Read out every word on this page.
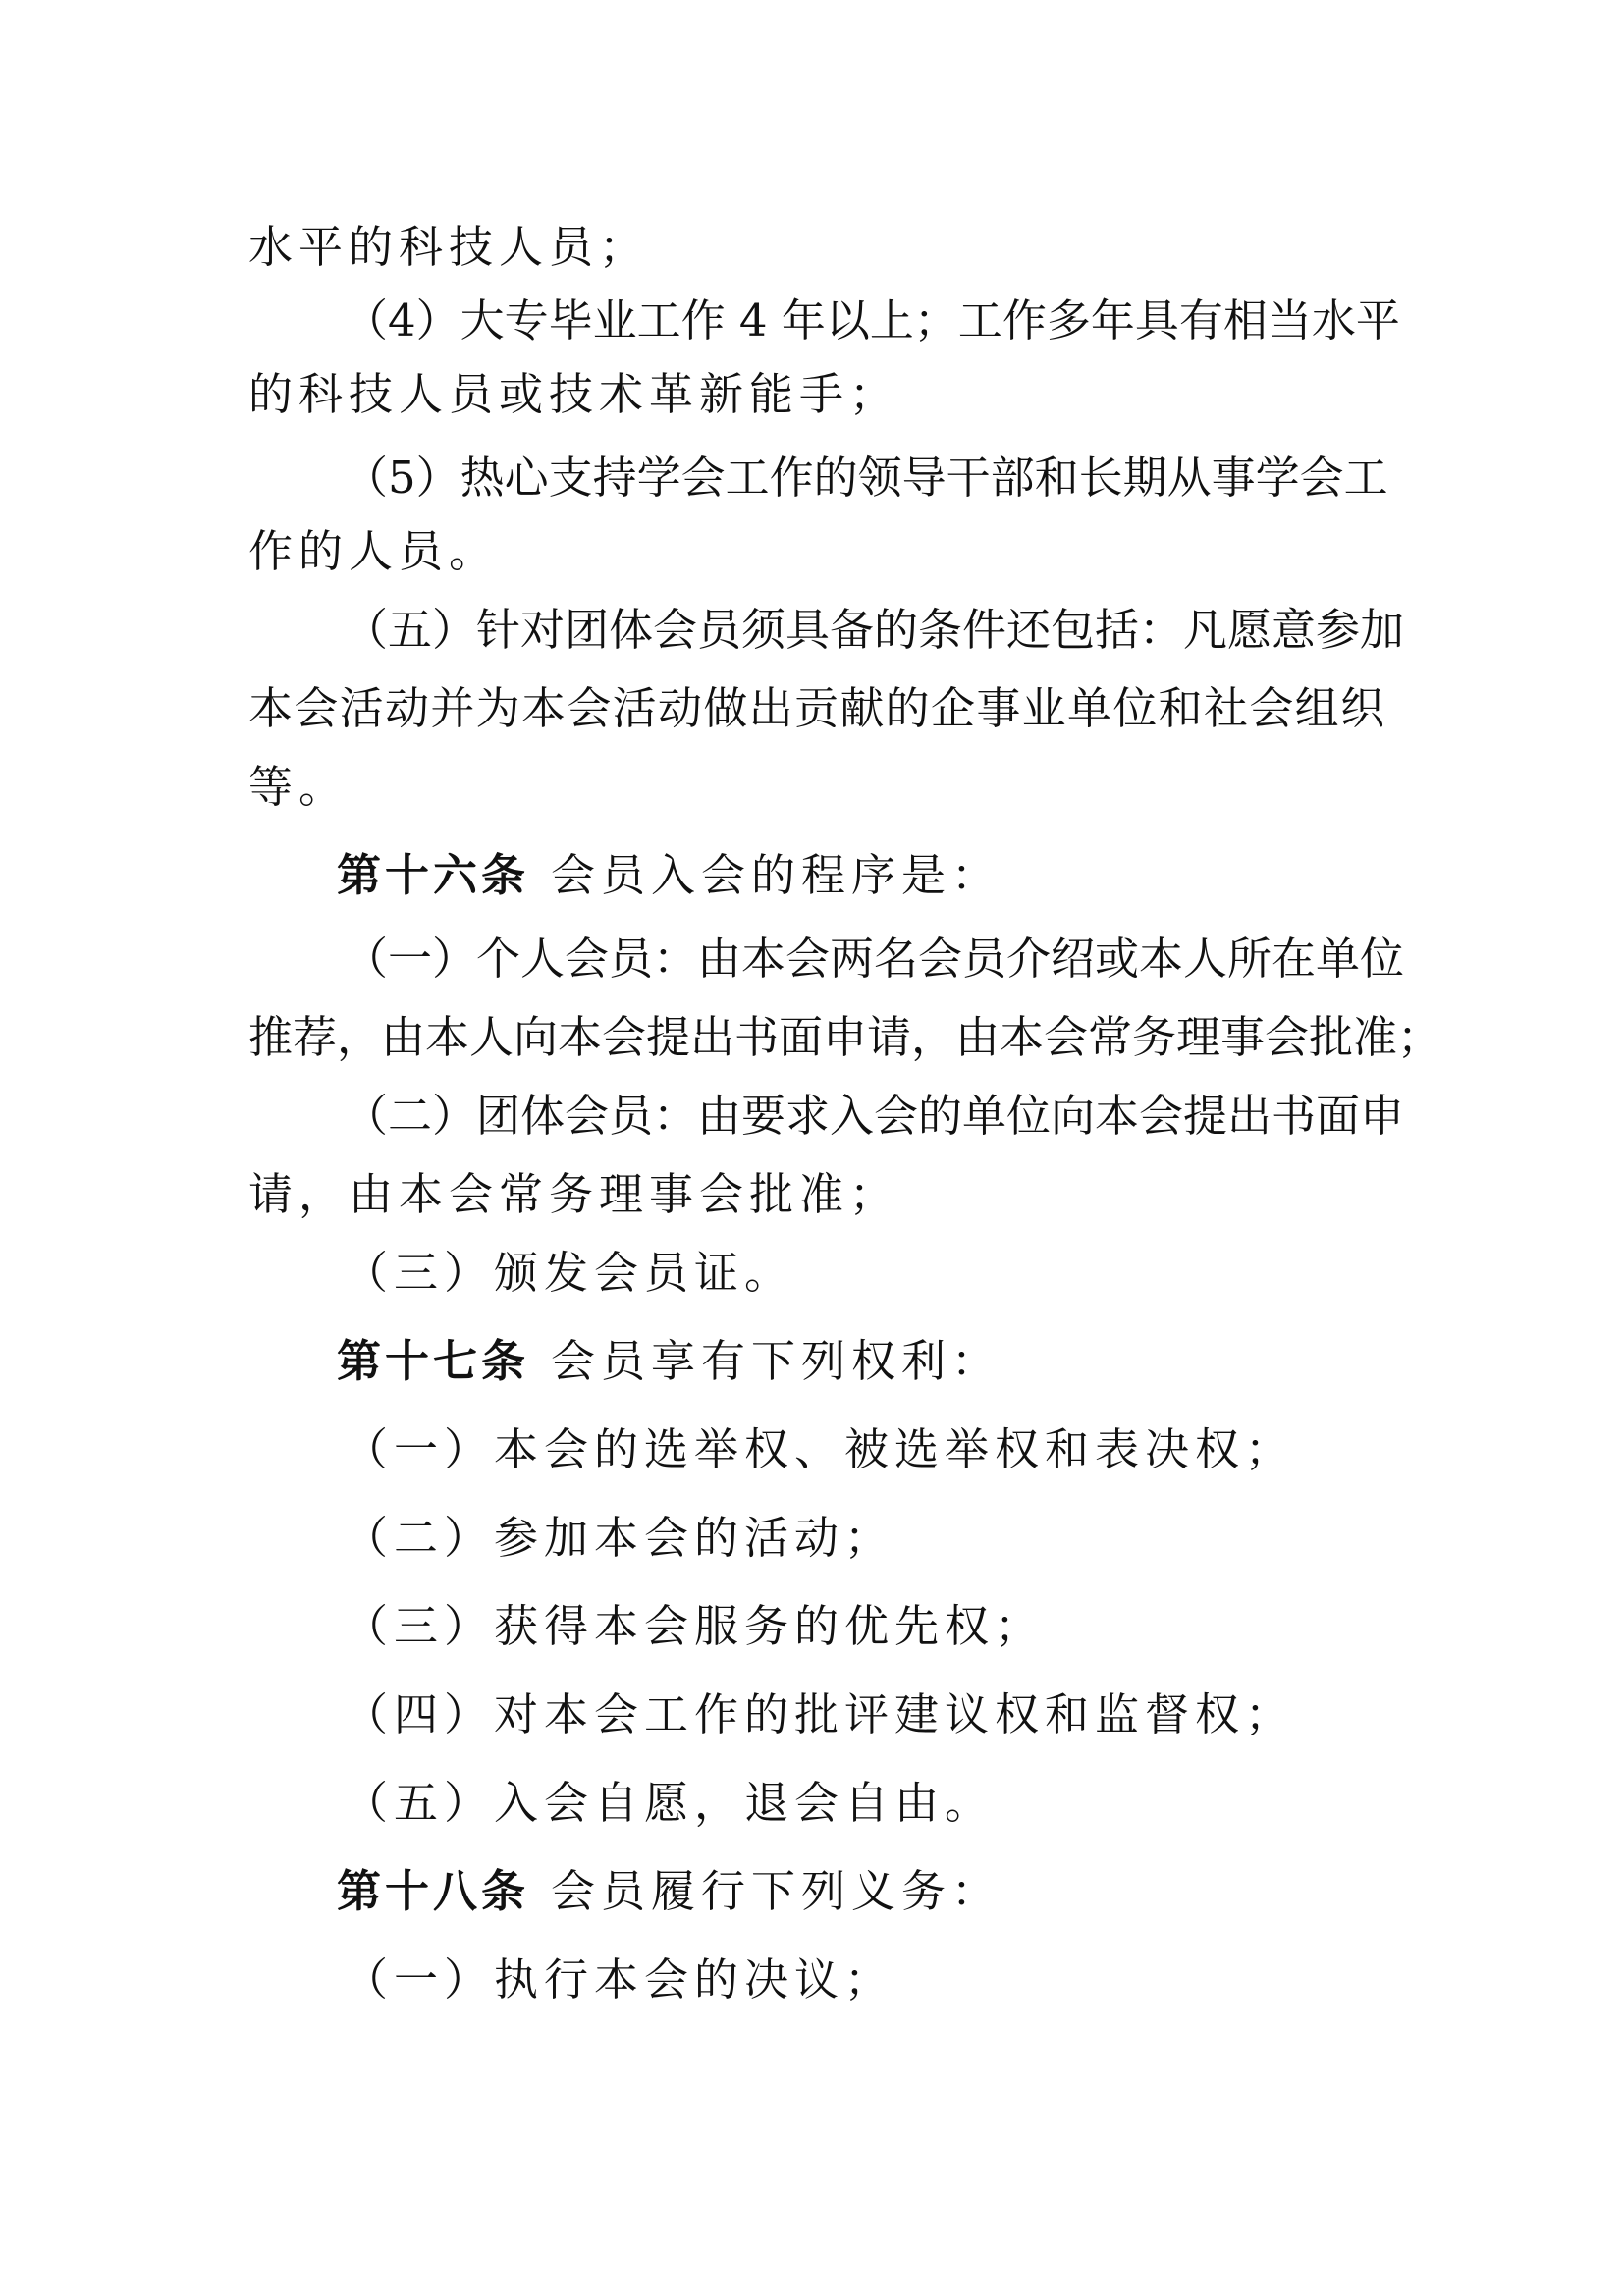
水平的科技人员；
（4）大专毕业工作 4 年以上；工作多年具有相当水平
的科技人员或技术革新能手；
（5）热心支持学会工作的领导干部和长期从事学会工
作的人员。
（五）针对团体会员须具备的条件还包括：凡愿意参加
本会活动并为本会活动做出贡献的企事业单位和社会组织
等。
第十六条 会员入会的程序是：
（一）个人会员：由本会两名会员介绍或本人所在单位
推荐，由本人向本会提出书面申请，由本会常务理事会批准；
（二）团体会员：由要求入会的单位向本会提出书面申
请，由本会常务理事会批准；
（三）颁发会员证。
第十七条 会员享有下列权利：
（一）本会的选举权、被选举权和表决权；
（二）参加本会的活动；
（三）获得本会服务的优先权；
（四）对本会工作的批评建议权和监督权；
（五）入会自愿，退会自由。
第十八条 会员履行下列义务：
（一）执行本会的决议；
